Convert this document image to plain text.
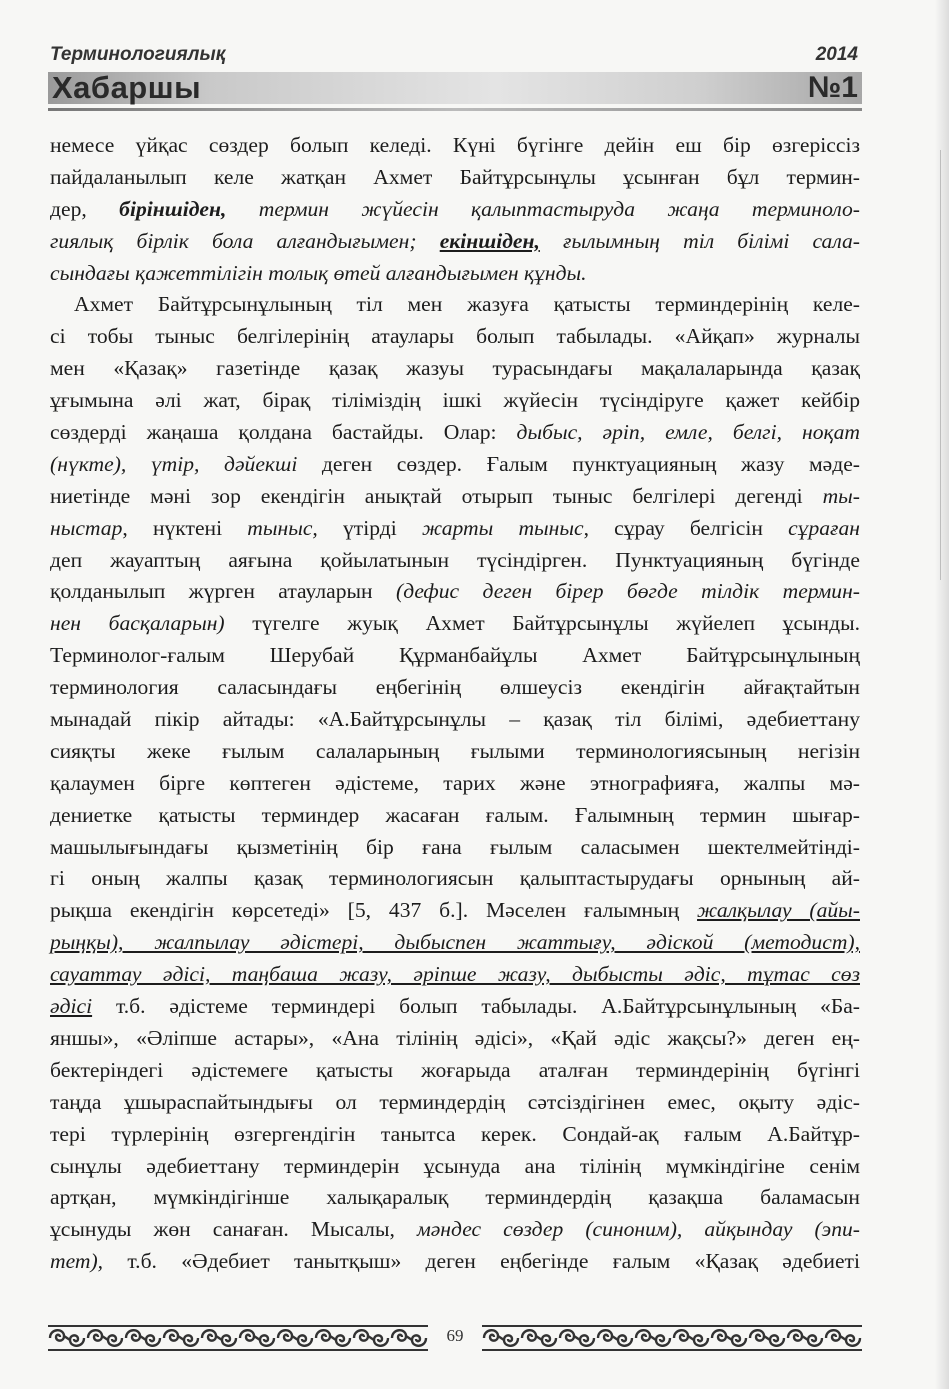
Терминологиялық	2014
Хабаршы	№1
немесе үйқас сөздер болып келеді. Күні бүгінге дейін еш бір өзгеріссіз
пайдаланылып келе жатқан Ахмет Байтұрсынұлы ұсынған бұл термин-
дер, біріншіден, термин жүйесін қалыптастыруда жаңа терминоло-
гиялық бірлік бола алғандығымен; екіншіден, ғылымның тіл білімі сала-
сындағы қажеттілігін толық өтей алғандығымен құнды.
Ахмет Байтұрсынұлының тіл мен жазуға қатысты терминдерінің келе-
сі тобы тыныс белгілерінің атаулары болып табылады. «Айқап» журналы
мен «Қазақ» газетінде қазақ жазуы турасындағы мақалаларында қазақ
ұғымына әлі жат, бірақ тіліміздің ішкі жүйесін түсіндіруге қажет кейбір
сөздерді жаңаша қолдана бастайды. Олар: дыбыс, әріп, емле, белгі, ноқат
(нүкте), үтір, дәйекші деген сөздер. Ғалым пунктуацияның жазу мәде-
ниетінде мәні зор екендігін анықтай отырып тыныс белгілері дегенді ты-
ныстар, нүктені тыныс, үтірді жарты тыныс, сұрау белгісін сұраған
деп жауаптың аяғына қойылатынын түсіндірген. Пунктуацияның бүгінде
қолданылып жүрген атауларын (дефис деген бірер бөгде тілдік термин-
нен басқаларын) түгелге жуық Ахмет Байтұрсынұлы жүйелеп ұсынды.
Терминолог-ғалым Шерубай Құрманбайұлы Ахмет Байтұрсынұлының
терминология саласындағы еңбегінің өлшеусіз екендігін айғақтайтын
мынадай пікір айтады: «А.Байтұрсынұлы – қазақ тіл білімі, әдебиеттану
сияқты жеке ғылым салаларының ғылыми терминологиясының негізін
қалаумен бірге көптеген әдістеме, тарих және этнографияға, жалпы мә-
дениетке қатысты терминдер жасаған ғалым. Ғалымның термин шығар-
машылығындағы қызметінің бір ғана ғылым саласымен шектелмейтінді-
гі оның жалпы қазақ терминологиясын қалыптастырудағы орнының ай-
рықша екендігін көрсетеді» [5, 437 б.]. Мәселен ғалымның жалқылау (айы-
рыңқы), жалпылау әдістері, дыбыспен жаттығу, әдіской (методист),
сауаттау әдісі, таңбаша жазу, әріпше жазу, дыбысты әдіс, тұтас сөз
әдісі т.б. әдістеме терминдері болып табылады. А.Байтұрсынұлының «Ба-
яншы», «Әліпше астары», «Ана тілінің әдісі», «Қай әдіс жақсы?» деген ең-
бектеріндегі әдістемеге қатысты жоғарыда аталған терминдерінің бүгінгі
таңда ұшыраспайтындығы ол терминдердің сәтсіздігінен емес, оқыту әдіс-
тері түрлерінің өзгергендігін танытса керек. Сондай-ақ ғалым А.Байтұр-
сынұлы әдебиеттану терминдерін ұсынуда ана тілінің мүмкіндігіне сенім
артқан, мүмкіндігінше халықаралық терминдердің қазақша баламасын
ұсынуды жөн санаған. Мысалы, мәндес сөздер (синоним), айқындау (эпи-
тет), т.б. «Әдебиет танытқыш» деген еңбегінде ғалым «Қазақ әдебиеті
69
